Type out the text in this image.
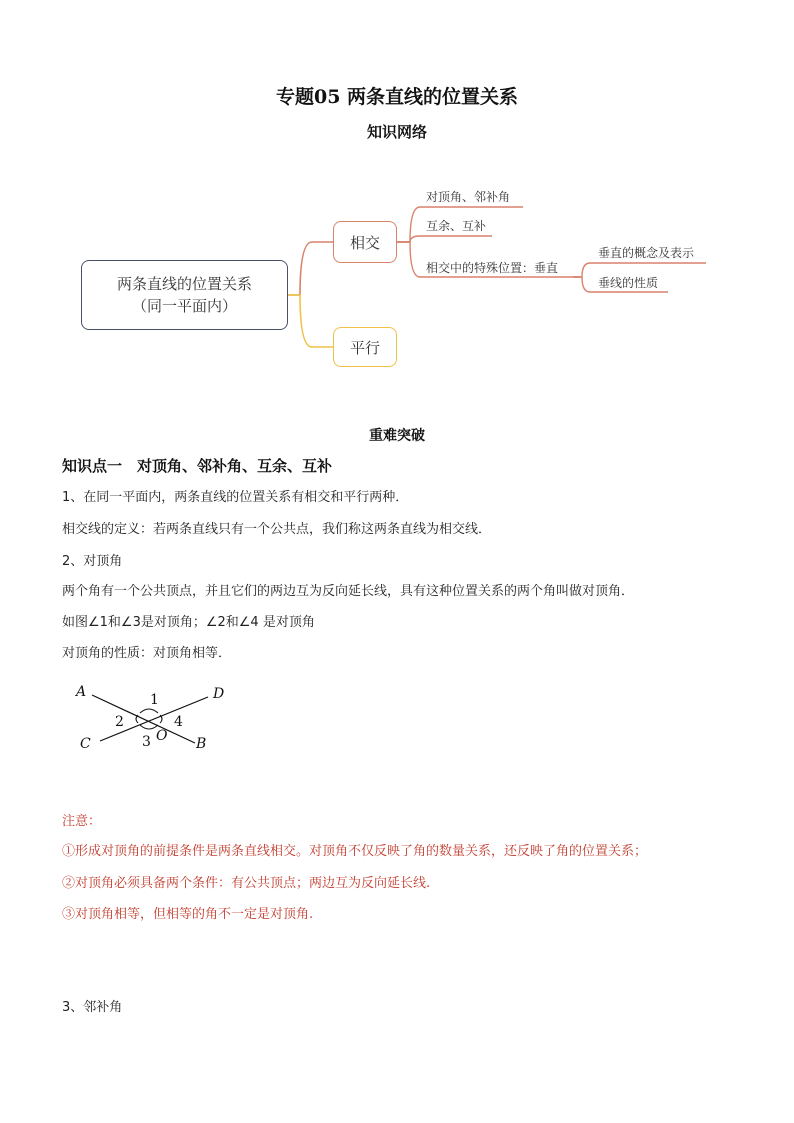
专题05 两条直线的位置关系
知识网络
两条直线的位置关系（同一平面内）
相交
平行
对顶角、邻补角
互余、互补
相交中的特殊位置：垂直
垂直的概念及表示
垂线的性质
重难突破
知识点一　对顶角、邻补角、互余、互补
1、在同一平面内，两条直线的位置关系有相交和平行两种．
相交线的定义：若两条直线只有一个公共点，我们称这两条直线为相交线．
2、对顶角
两个角有一个公共顶点，并且它们的两边互为反向延长线，具有这种位置关系的两个角叫做对顶角．
如图∠1和∠3是对顶角；∠2和∠4 是对顶角
对顶角的性质：对顶角相等．
A	D
C	B
O
1
2
3
4
注意：
①形成对顶角的前提条件是两条直线相交。对顶角不仅反映了角的数量关系，还反映了角的位置关系；
②对顶角必须具备两个条件：有公共顶点；两边互为反向延长线.
③对顶角相等，但相等的角不一定是对顶角.
3、邻补角
